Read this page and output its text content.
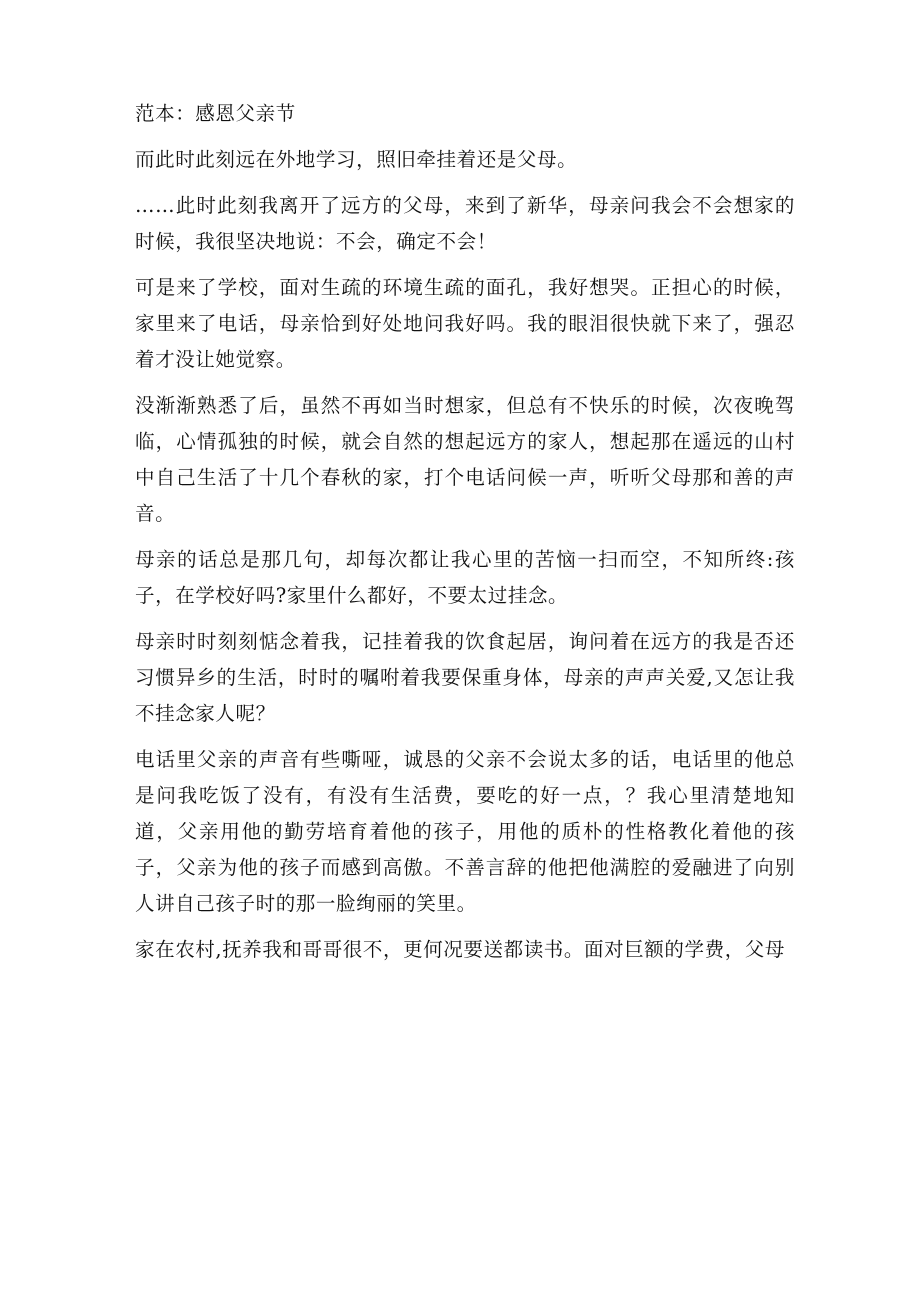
范本：感恩父亲节

而此时此刻远在外地学习，照旧牵挂着还是父母。

……此时此刻我离开了远方的父母，来到了新华，母亲问我会不会想家的时候，我很坚决地说：不会，确定不会！

可是来了学校，面对生疏的环境生疏的面孔，我好想哭。正担心的时候，家里来了电话，母亲恰到好处地问我好吗。我的眼泪很快就下来了，强忍着才没让她觉察。

没渐渐熟悉了后，虽然不再如当时想家，但总有不快乐的时候，次夜晚驾临，心情孤独的时候，就会自然的想起远方的家人，想起那在遥远的山村中自己生活了十几个春秋的家，打个电话问候一声，听听父母那和善的声音。

母亲的话总是那几句，却每次都让我心里的苦恼一扫而空，不知所终:孩子，在学校好吗?家里什么都好，不要太过挂念。

母亲时时刻刻惦念着我，记挂着我的饮食起居，询问着在远方的我是否还习惯异乡的生活，时时的嘱咐着我要保重身体，母亲的声声关爱,又怎让我不挂念家人呢？

电话里父亲的声音有些嘶哑，诚恳的父亲不会说太多的话，电话里的他总是问我吃饭了没有，有没有生活费，要吃的好一点，？我心里清楚地知道，父亲用他的勤劳培育着他的孩子，用他的质朴的性格教化着他的孩子，父亲为他的孩子而感到高傲。不善言辞的他把他满腔的爱融进了向别人讲自己孩子时的那一脸绚丽的笑里。

家在农村,抚养我和哥哥很不，更何况要送都读书。面对巨额的学费，父母
